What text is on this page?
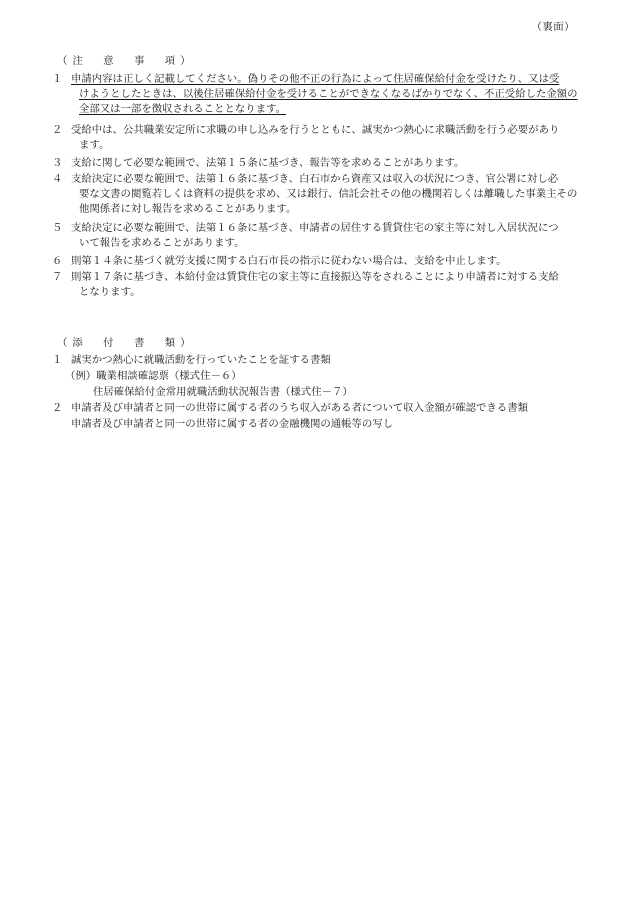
（裏面）
（注　意　事　項）
１ 申請内容は正しく記載してください。偽りその他不正の行為によって住居確保給付金を受けたり、又は受
けようとしたときは、以後住居確保給付金を受けることができなくなるばかりでなく、不正受給した金額の全部又は一部を徴収されることとなります。
２ 受給中は、公共職業安定所に求職の申し込みを行うとともに、誠実かつ熱心に求職活動を行う必要があり
ます。
３ 支給に関して必要な範囲で、法第１５条に基づき、報告等を求めることがあります。
４ 支給決定に必要な範囲で、法第１６条に基づき、白石市から資産又は収入の状況につき、官公署に対し必
要な文書の閲覧若しくは資料の提供を求め、又は銀行、信託会社その他の機関若しくは離職した事業主その他関係者に対し報告を求めることがあります。
５ 支給決定に必要な範囲で、法第１６条に基づき、申請者の居住する賃貸住宅の家主等に対し入居状況につ
いて報告を求めることがあります。
６ 則第１４条に基づく就労支援に関する白石市長の指示に従わない場合は、支給を中止します。
７ 則第１７条に基づき、本給付金は賃貸住宅の家主等に直接振込等をされることにより申請者に対する支給
となります。
（添　付　書　類）
１ 誠実かつ熱心に就職活動を行っていたことを証する書類
（例）職業相談確認票（様式住－６）
住居確保給付金常用就職活動状況報告書（様式住－７）
２ 申請者及び申請者と同一の世帯に属する者のうち収入がある者について収入金額が確認できる書類
申請者及び申請者と同一の世帯に属する者の金融機関の通帳等の写し
